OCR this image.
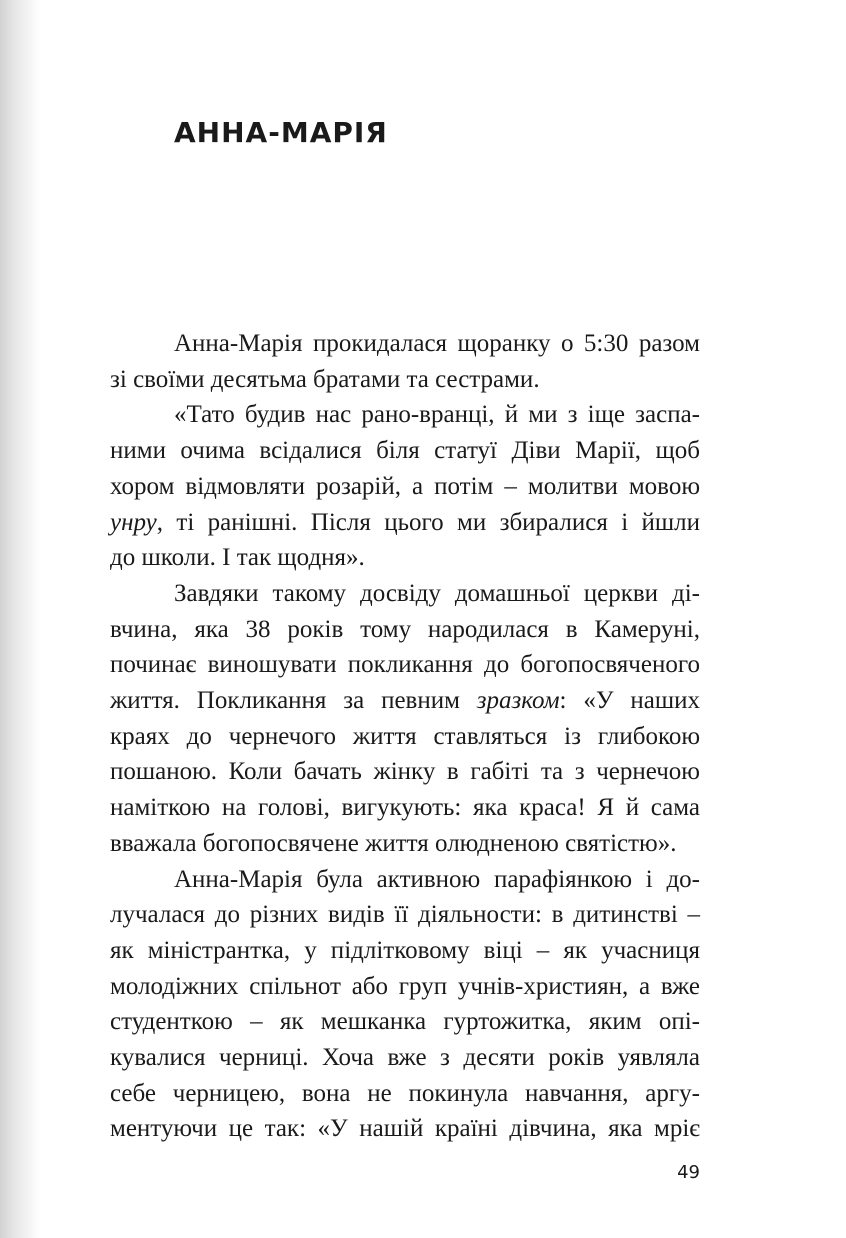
АННА-МАРІЯ

Анна-Марія прокидалася щоранку о 5:30 разом
зі своїми десятьма братами та сестрами.

«Тато будив нас рано-вранці, й ми з іще заспа-
ними очима всідалися біля статуї Діви Марії, щоб
хором відмовляти розарій, а потім – молитви мовою
унру, ті ранішні. Після цього ми збиралися і йшли
до школи. І так щодня».

Завдяки такому досвіду домашньої церкви ді-
вчина, яка 38 років тому народилася в Камеруні,
починає виношувати покликання до богопосвяченого
життя. Покликання за певним зразком: «У наших
краях до чернечого життя ставляться із глибокою
пошаною. Коли бачать жінку в габіті та з чернечою
наміткою на голові, вигукують: яка краса! Я й сама
вважала богопосвячене життя олюдненою святістю».

Анна-Марія була активною парафіянкою і до-
лучалася до різних видів її діяльности: в дитинстві –
як міністрантка, у підлітковому віці – як учасниця
молодіжних спільнот або груп учнів-християн, а вже
студенткою – як мешканка гуртожитка, яким опі-
кувалися черниці. Хоча вже з десяти років уявляла
себе черницею, вона не покинула навчання, аргу-
ментуючи це так: «У нашій країні дівчина, яка мріє

49
